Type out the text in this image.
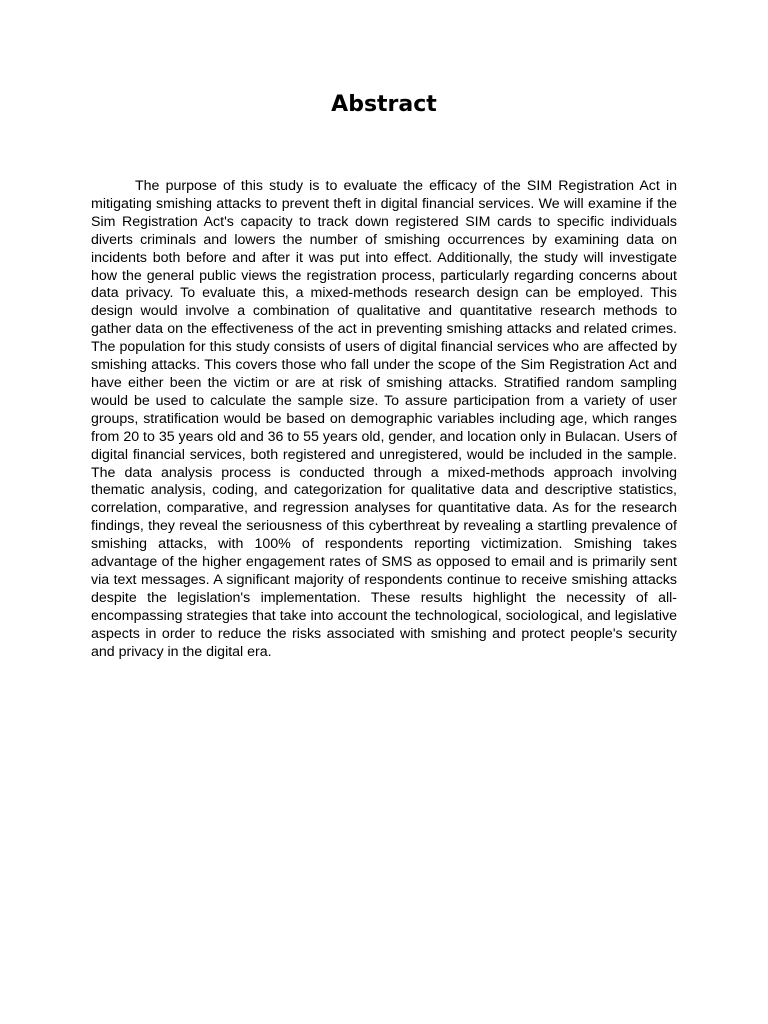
Abstract

The purpose of this study is to evaluate the efficacy of the SIM Registration Act in mitigating smishing attacks to prevent theft in digital financial services. We will examine if the Sim Registration Act's capacity to track down registered SIM cards to specific individuals diverts criminals and lowers the number of smishing occurrences by examining data on incidents both before and after it was put into effect. Additionally, the study will investigate how the general public views the registration process, particularly regarding concerns about data privacy. To evaluate this, a mixed-methods research design can be employed. This design would involve a combination of qualitative and quantitative research methods to gather data on the effectiveness of the act in preventing smishing attacks and related crimes. The population for this study consists of users of digital financial services who are affected by smishing attacks. This covers those who fall under the scope of the Sim Registration Act and have either been the victim or are at risk of smishing attacks. Stratified random sampling would be used to calculate the sample size. To assure participation from a variety of user groups, stratification would be based on demographic variables including age, which ranges from 20 to 35 years old and 36 to 55 years old, gender, and location only in Bulacan. Users of digital financial services, both registered and unregistered, would be included in the sample. The data analysis process is conducted through a mixed-methods approach involving thematic analysis, coding, and categorization for qualitative data and descriptive statistics, correlation, comparative, and regression analyses for quantitative data. As for the research findings, they reveal the seriousness of this cyberthreat by revealing a startling prevalence of smishing attacks, with 100% of respondents reporting victimization. Smishing takes advantage of the higher engagement rates of SMS as opposed to email and is primarily sent via text messages. A significant majority of respondents continue to receive smishing attacks despite the legislation's implementation. These results highlight the necessity of all-encompassing strategies that take into account the technological, sociological, and legislative aspects in order to reduce the risks associated with smishing and protect people's security and privacy in the digital era.
